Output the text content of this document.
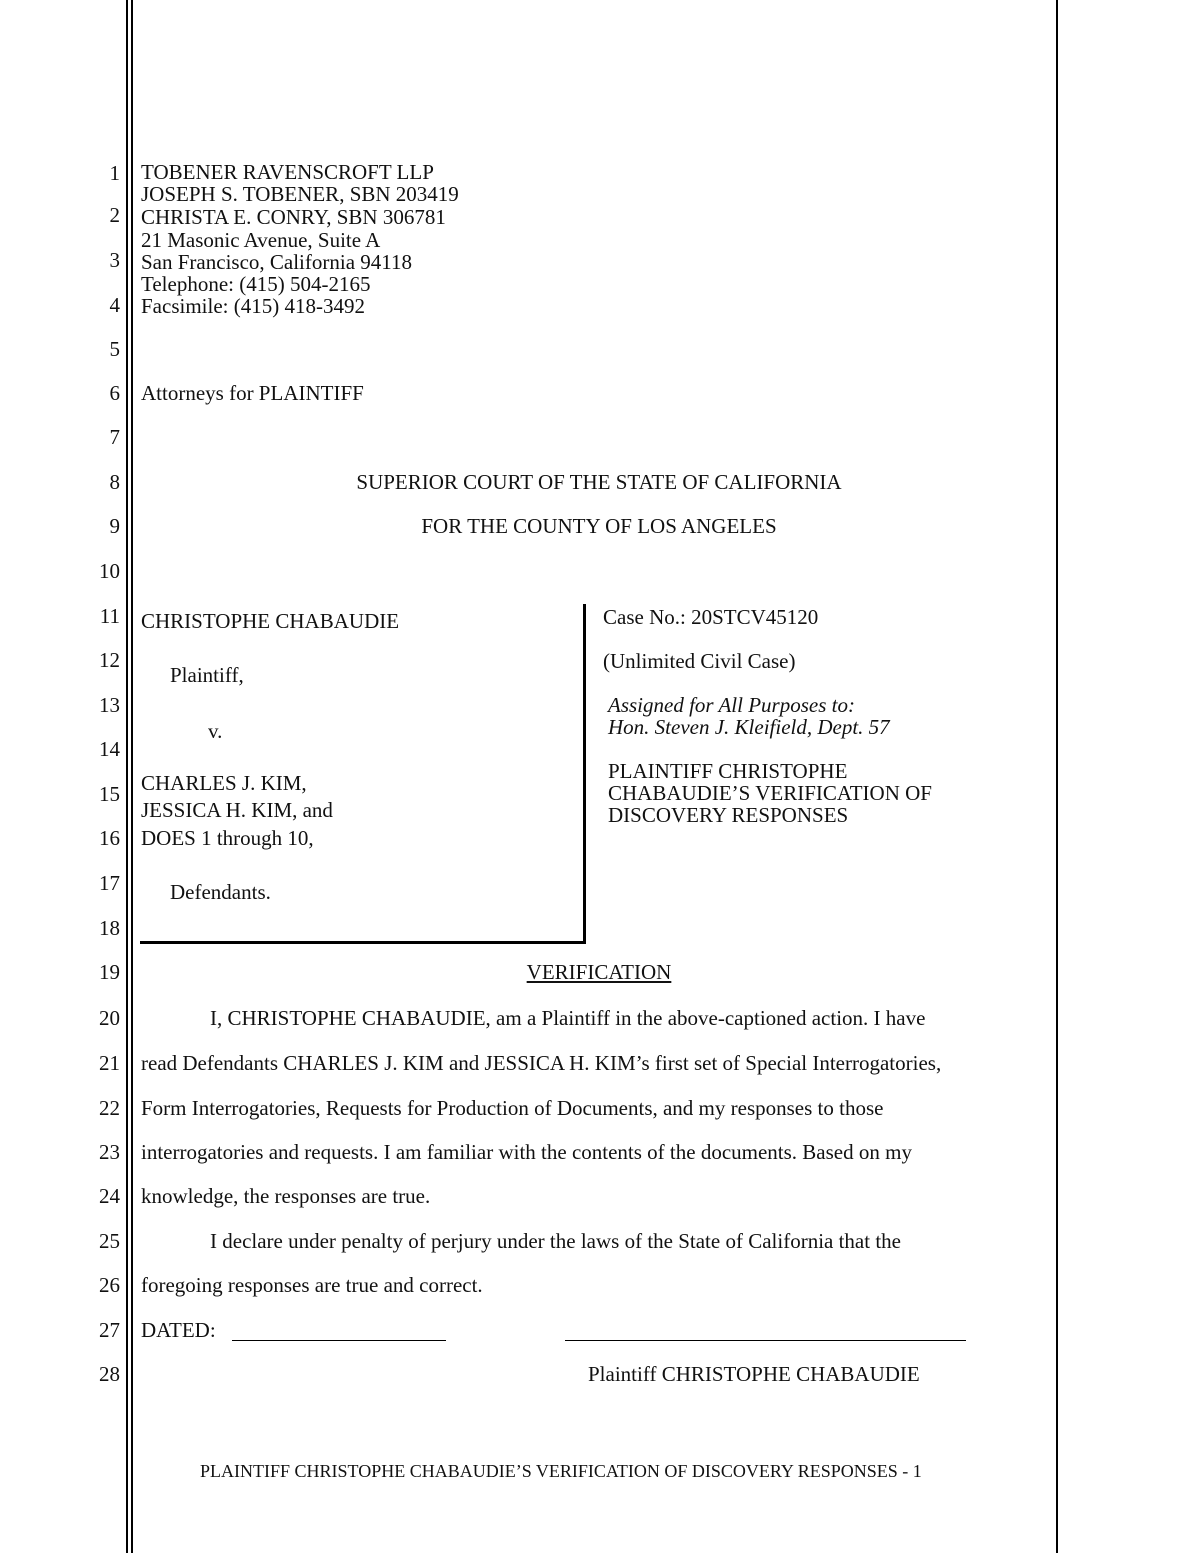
1
2
3
4
5
6
7
8
9
10
11
12
13
14
15
16
17
18
19
20
21
22
23
24
25
26
27
28
TOBENER RAVENSCROFT LLP
JOSEPH S. TOBENER, SBN 203419
CHRISTA E. CONRY, SBN 306781
21 Masonic Avenue, Suite A
San Francisco, California 94118
Telephone: (415) 504-2165
Facsimile: (415) 418-3492
Attorneys for PLAINTIFF
SUPERIOR COURT OF THE STATE OF CALIFORNIA
FOR THE COUNTY OF LOS ANGELES
CHRISTOPHE CHABAUDIE
Plaintiff,
v.
CHARLES J. KIM,
JESSICA H. KIM, and
DOES 1 through 10,
Defendants.
Case No.: 20STCV45120
(Unlimited Civil Case)
Assigned for All Purposes to:
Hon. Steven J. Kleifield, Dept. 57
PLAINTIFF CHRISTOPHE
CHABAUDIE’S VERIFICATION OF
DISCOVERY RESPONSES
VERIFICATION
I, CHRISTOPHE CHABAUDIE, am a Plaintiff in the above-captioned action. I have
read Defendants CHARLES J. KIM and JESSICA H. KIM’s first set of Special Interrogatories,
Form Interrogatories, Requests for Production of Documents, and my responses to those
interrogatories and requests. I am familiar with the contents of the documents. Based on my
knowledge, the responses are true.
I declare under penalty of perjury under the laws of the State of California that the
foregoing responses are true and correct.
DATED:
Plaintiff CHRISTOPHE CHABAUDIE
PLAINTIFF CHRISTOPHE CHABAUDIE’S VERIFICATION OF DISCOVERY RESPONSES - 1
